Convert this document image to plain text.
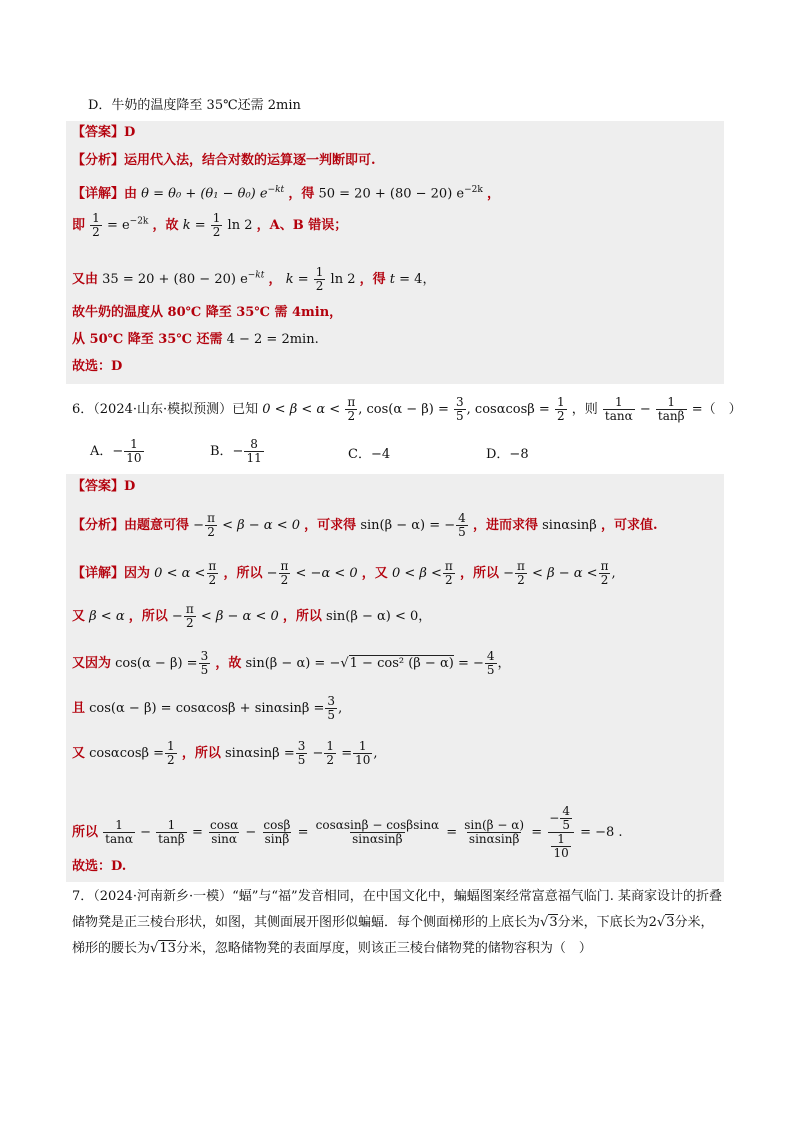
D．牛奶的温度降至 35℃还需 2min
【答案】D
【分析】运用代入法，结合对数的运算逐一判断即可.
【详解】由 θ = θ₀ + (θ₁ − θ₀) $e^{-kt}$ ，得 50 = 20 + (80 − 20) $e^{-2k}$ ，
即 $\frac{1}{2} = e^{-2k}$ ，故 $k = \frac{1}{2}$ ln 2 ，A、B 错误；
又由 35 = 20 + (80 − 20) $e^{-kt}$ ， $k = \frac{1}{2}$ ln 2 ，得 t = 4，
故牛奶的温度从 80℃ 降至 35℃ 需 4min，
从 50℃ 降至 35℃ 还需 4 − 2 = 2min.
故选：D
6．（2024·山东·模拟预测）已知 $0 < \beta < \alpha < \frac{\pi}{2}$ , $\cos(\alpha - \beta) = \frac{3}{5}$ , $\cos\alpha\cos\beta = \frac{1}{2}$ ，则 $\frac{1}{\tan\alpha} - \frac{1}{\tan\beta}$ =（　）
A．− $\frac{1}{10}$	B．− $\frac{8}{11}$	C．−4	D．−8
【答案】D
【分析】由题意可得 − $\frac{\pi}{2} < \beta - \alpha < 0$ ，可求得 sin(β − α) = − $\frac{4}{5}$ ，进而求得 sinαsinβ ，可求值.
【详解】因为 $0 < \alpha < \frac{\pi}{2}$ ，所以 − $\frac{\pi}{2} < -\alpha < 0$ ，又 $0 < \beta < \frac{\pi}{2}$ ，所以 − $\frac{\pi}{2} < \beta - \alpha < \frac{\pi}{2}$ ,
又 β < α ，所以 − $\frac{\pi}{2} < \beta - \alpha < 0$ ，所以 sin(β − α) < 0，
又因为 $\cos(\alpha - \beta) = \frac{3}{5}$ ，故 sin(β − α) = −√1 − cos² (β − α) = − $\frac{4}{5}$ ，
且 $\cos(\alpha - \beta) = \cos\alpha\cos\beta + \sin\alpha\sin\beta = \frac{3}{5}$ ,
又 $\cos\alpha\cos\beta = \frac{1}{2}$ ，所以 $\sin\alpha\sin\beta = \frac{3}{5} - \frac{1}{2} = \frac{1}{10}$ ,
所以 $\frac{1}{\tan\alpha} - \frac{1}{\tan\beta} = \frac{\cos\alpha}{\sin\alpha} - \frac{\cos\beta}{\sin\beta} = \frac{\cos\alpha\sin\beta - \cos\beta\sin\alpha}{\sin\alpha\sin\beta} = \frac{\sin(\beta - \alpha)}{\sin\alpha\sin\beta} = \frac{- \frac{4}{5}}{\frac{1}{10}} = -8$ .
故选：D.
7．（2024·河南新乡·一模）“蝠”与“福”发音相同，在中国文化中，蝙蝠图案经常富意福气临门. 某商家设计的折叠储物凳是正三棱台形状，如图，其侧面展开图形似蝙蝠．每个侧面梯形的上底长为√3分米，下底长为2√3分米，梯形的腰长为√13分米，忽略储物凳的表面厚度，则该正三棱台储物凳的储物容积为（　）
